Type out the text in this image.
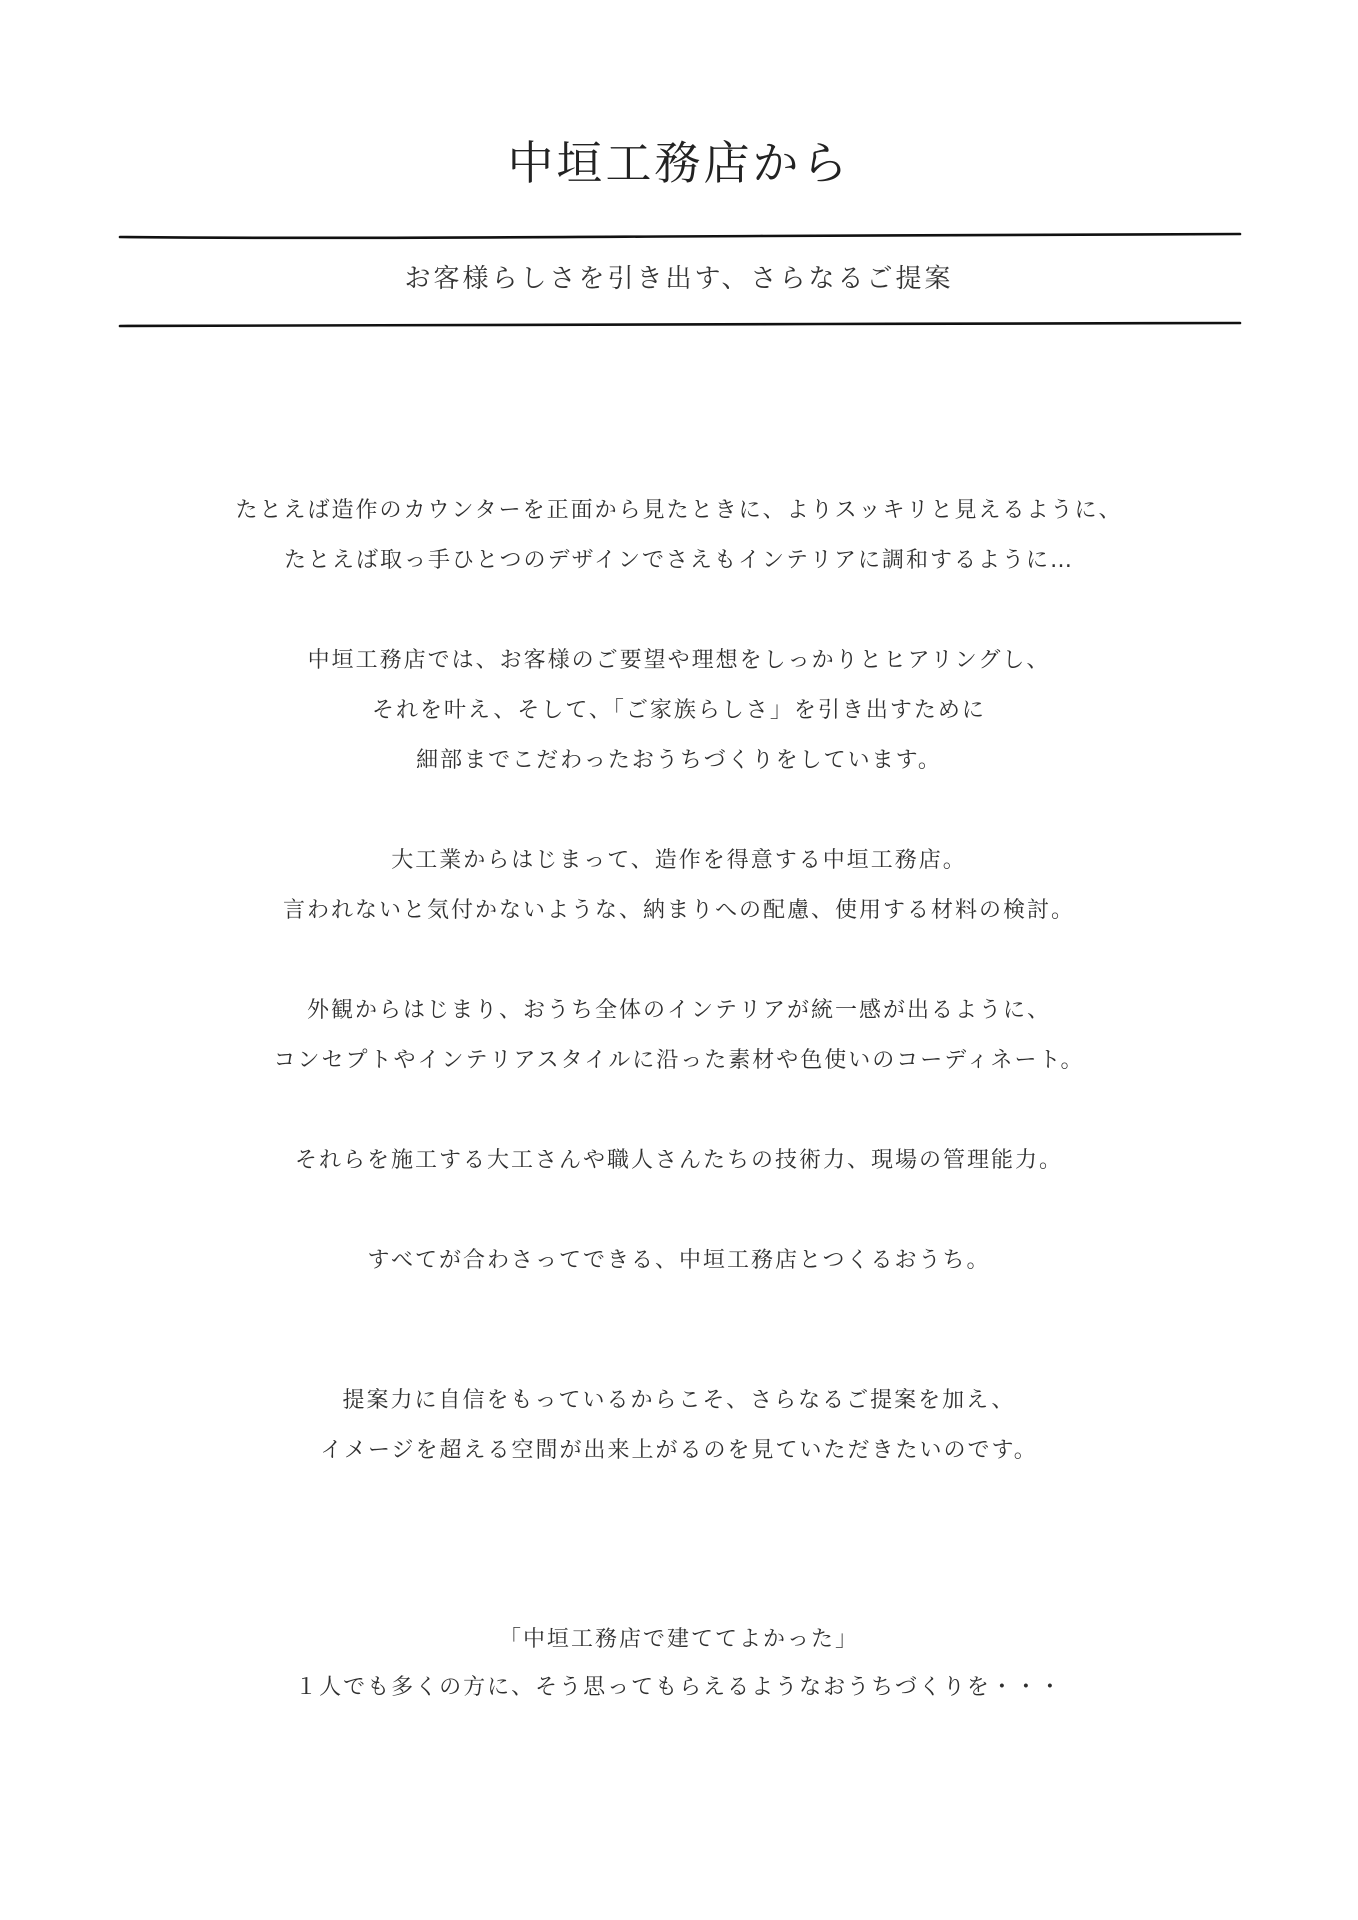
中垣工務店から
お客様らしさを引き出す、さらなるご提案
たとえば造作のカウンターを正面から見たときに、よりスッキリと見えるように、
たとえば取っ手ひとつのデザインでさえもインテリアに調和するように…
中垣工務店では、お客様のご要望や理想をしっかりとヒアリングし、
それを叶え、そして、「ご家族らしさ」を引き出すために
細部までこだわったおうちづくりをしています。
大工業からはじまって、造作を得意する中垣工務店。
言われないと気付かないような、納まりへの配慮、使用する材料の検討。
外観からはじまり、おうち全体のインテリアが統一感が出るように、
コンセプトやインテリアスタイルに沿った素材や色使いのコーディネート。
それらを施工する大工さんや職人さんたちの技術力、現場の管理能力。
すべてが合わさってできる、中垣工務店とつくるおうち。
提案力に自信をもっているからこそ、さらなるご提案を加え、
イメージを超える空間が出来上がるのを見ていただきたいのです。
「中垣工務店で建ててよかった」
１人でも多くの方に、そう思ってもらえるようなおうちづくりを・・・
